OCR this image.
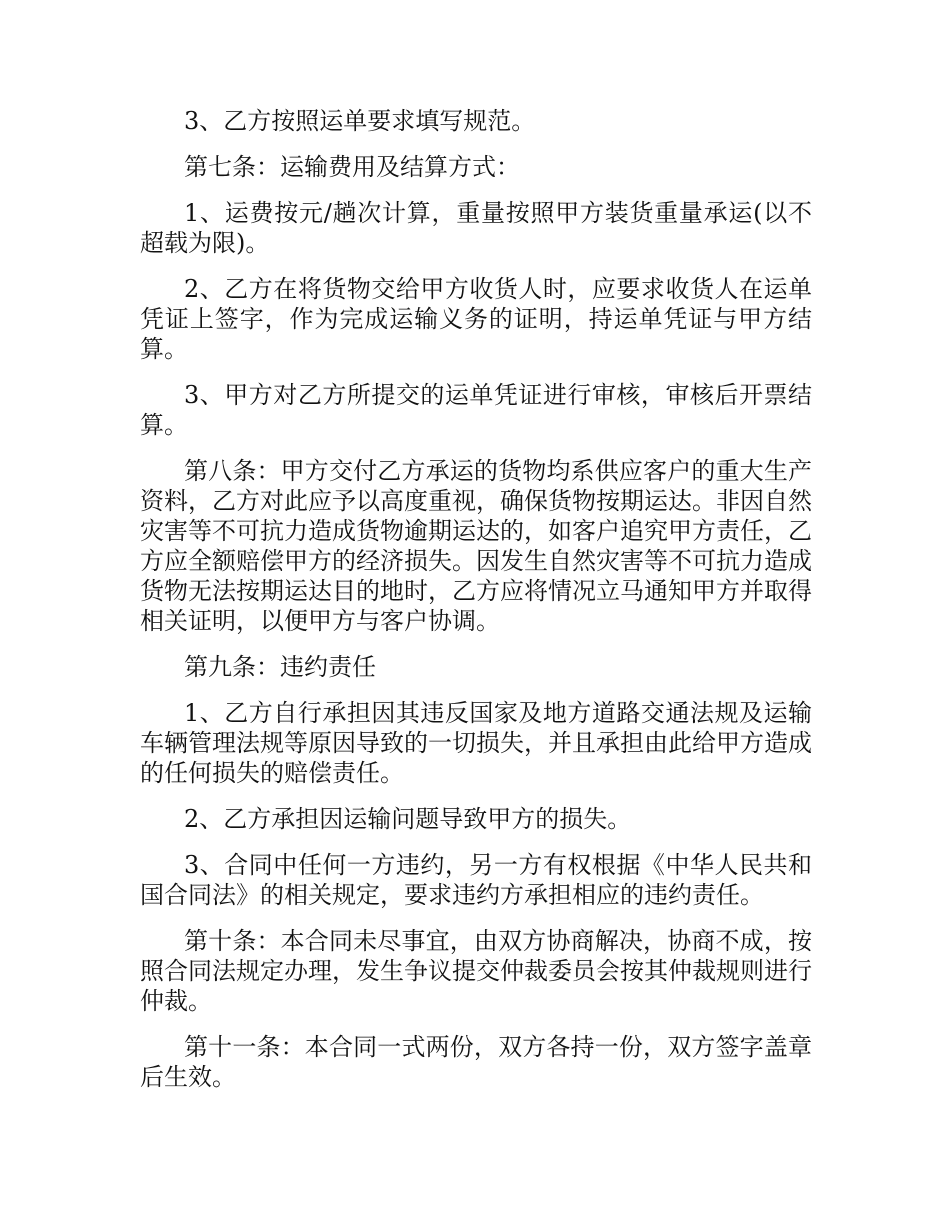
3、乙方按照运单要求填写规范。

第七条：运输费用及结算方式：

1、运费按元/趟次计算，重量按照甲方装货重量承运(以不超载为限)。

2、乙方在将货物交给甲方收货人时，应要求收货人在运单凭证上签字，作为完成运输义务的证明，持运单凭证与甲方结算。

3、甲方对乙方所提交的运单凭证进行审核，审核后开票结算。

第八条：甲方交付乙方承运的货物均系供应客户的重大生产资料，乙方对此应予以高度重视，确保货物按期运达。非因自然灾害等不可抗力造成货物逾期运达的，如客户追究甲方责任，乙方应全额赔偿甲方的经济损失。因发生自然灾害等不可抗力造成货物无法按期运达目的地时，乙方应将情况立马通知甲方并取得相关证明，以便甲方与客户协调。

第九条：违约责任

1、乙方自行承担因其违反国家及地方道路交通法规及运输车辆管理法规等原因导致的一切损失，并且承担由此给甲方造成的任何损失的赔偿责任。

2、乙方承担因运输问题导致甲方的损失。

3、合同中任何一方违约，另一方有权根据《中华人民共和国合同法》的相关规定，要求违约方承担相应的违约责任。

第十条：本合同未尽事宜，由双方协商解决，协商不成，按照合同法规定办理，发生争议提交仲裁委员会按其仲裁规则进行仲裁。

第十一条：本合同一式两份，双方各持一份，双方签字盖章后生效。
